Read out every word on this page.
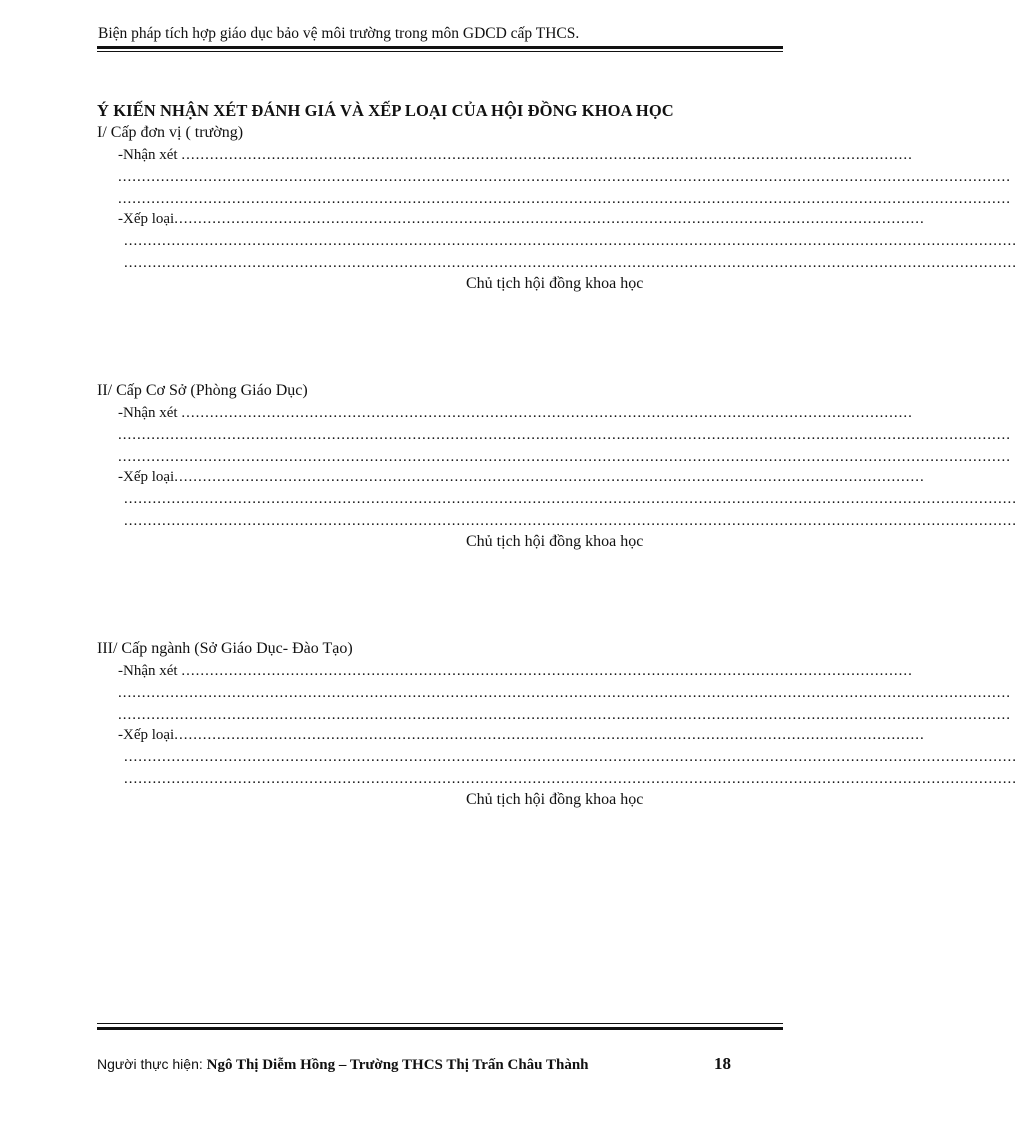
Biện pháp tích hợp giáo dục bảo vệ môi trường trong môn GDCD cấp THCS.
Ý KIẾN NHẬN XÉT ĐÁNH GIÁ VÀ XẾP LOẠI CỦA HỘI ĐỒNG KHOA HỌC
I/ Cấp đơn vị ( trường)
-Nhận xét ..........................................................................................................................................................
............................................................................................................................................................................................
............................................................................................................................................................................................
-Xếp loại..............................................................................................................................................................
............................................................................................................................................................................................
............................................................................................................................................................................................
Chủ tịch hội đồng khoa học
II/ Cấp Cơ Sở (Phòng Giáo Dục)
-Nhận xét ..........................................................................................................................................................
............................................................................................................................................................................................
............................................................................................................................................................................................
-Xếp loại..............................................................................................................................................................
............................................................................................................................................................................................
............................................................................................................................................................................................
Chủ tịch hội đồng khoa học
III/ Cấp ngành (Sở Giáo Dục- Đào Tạo)
-Nhận xét ..........................................................................................................................................................
............................................................................................................................................................................................
............................................................................................................................................................................................
-Xếp loại..............................................................................................................................................................
............................................................................................................................................................................................
............................................................................................................................................................................................
Chủ tịch hội đồng khoa học
Người thực hiện: Ngô Thị Diễm Hồng – Trường THCS Thị Trấn Châu Thành	18
